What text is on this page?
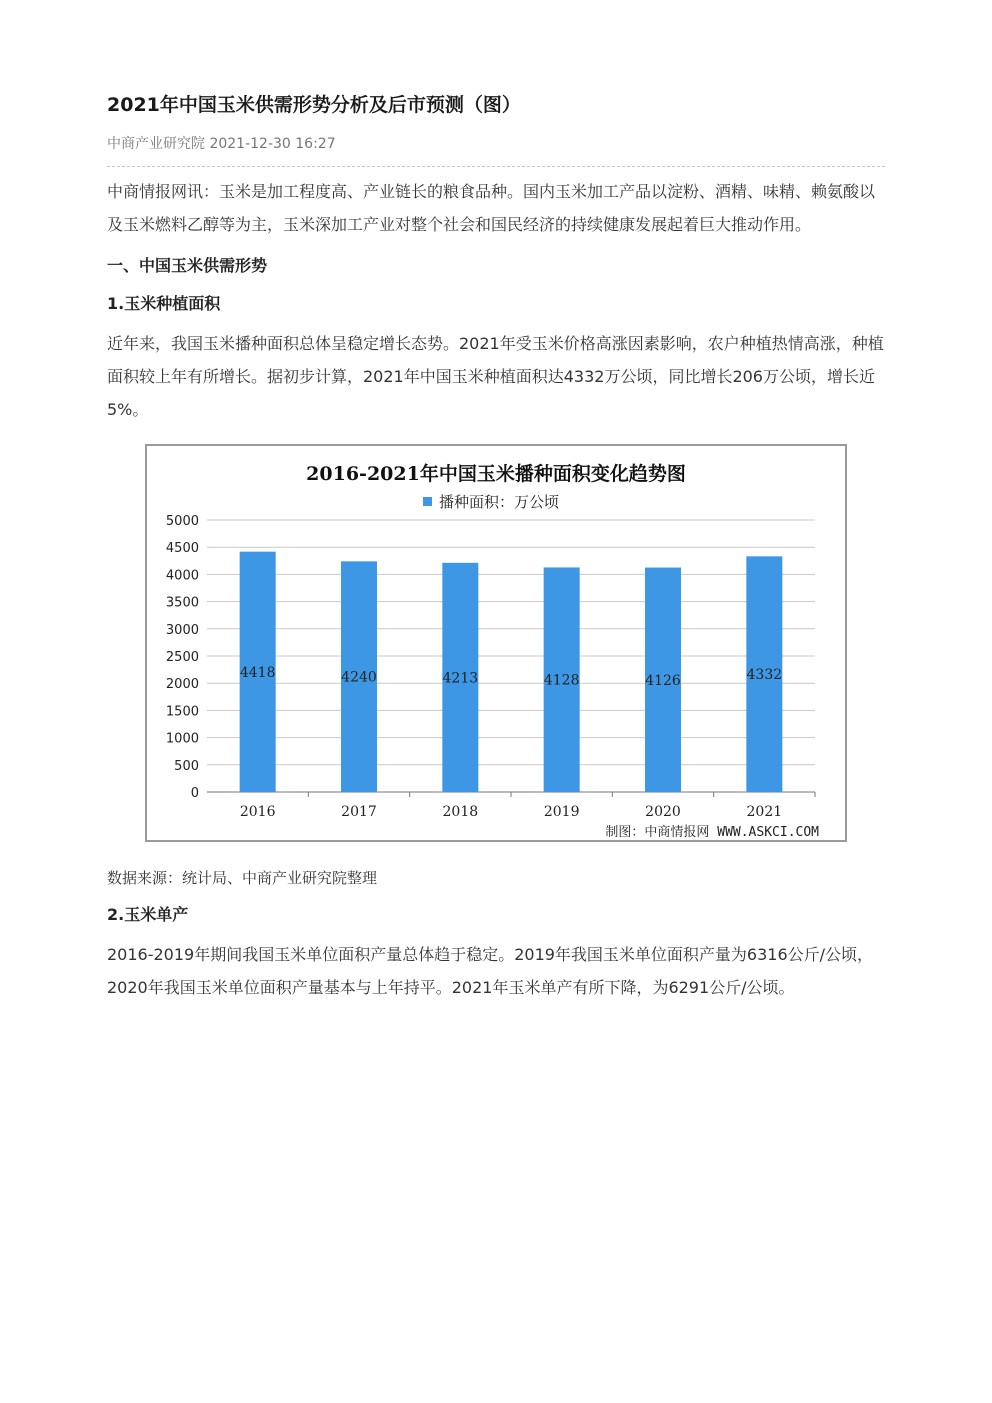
2021年中国玉米供需形势分析及后市预测（图）
中商产业研究院 2021-12-30 16:27

中商情报网讯：玉米是加工程度高、产业链长的粮食品种。国内玉米加工产品以淀粉、酒精、味精、赖氨酸以及玉米燃料乙醇等为主，玉米深加工产业对整个社会和国民经济的持续健康发展起着巨大推动作用。

一、中国玉米供需形势
1.玉米种植面积

近年来，我国玉米播种面积总体呈稳定增长态势。2021年受玉米价格高涨因素影响，农户种植热情高涨，种植面积较上年有所增长。据初步计算，2021年中国玉米种植面积达4332万公顷，同比增长206万公顷，增长近5%。

2016-2021年中国玉米播种面积变化趋势图
播种面积：万公顷
5000
4500
4000
3500
3000
2500
2000
1500
1000
500
0
4418
2016
4240
2017
4213
2018
4128
2019
4126
2020
4332
2021
制图：中商情报网 WWW.ASKCI.COM
数据来源：统计局、中商产业研究院整理
2.玉米单产

2016-2019年期间我国玉米单位面积产量总体趋于稳定。2019年我国玉米单位面积产量为6316公斤/公顷，2020年我国玉米单位面积产量基本与上年持平。2021年玉米单产有所下降，为6291公斤/公顷。
